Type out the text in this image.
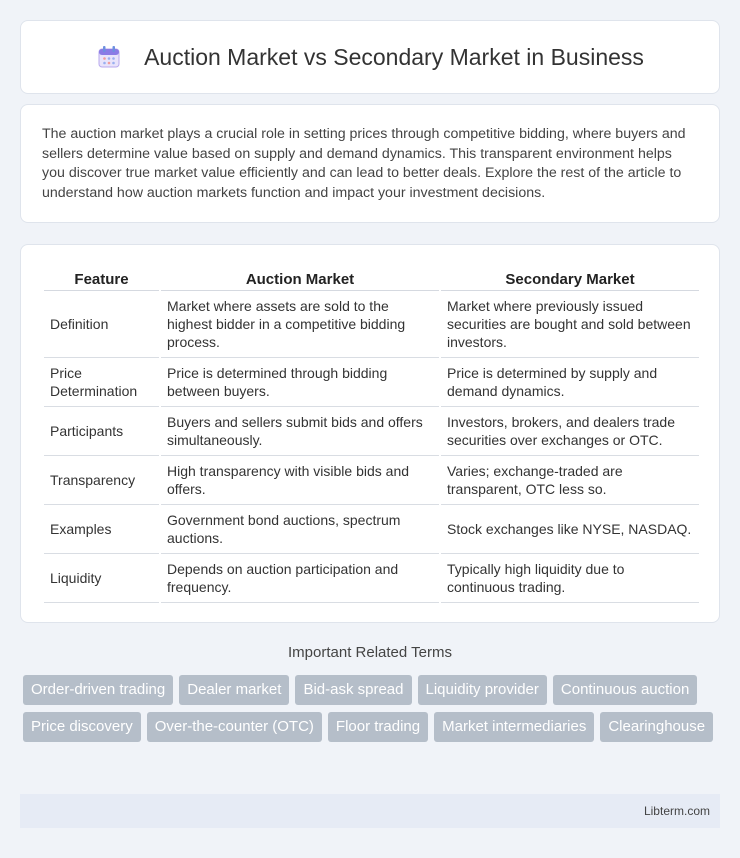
Auction Market vs Secondary Market in Business

The auction market plays a crucial role in setting prices through competitive bidding, where buyers and sellers determine value based on supply and demand dynamics. This transparent environment helps you discover true market value efficiently and can lead to better deals. Explore the rest of the article to understand how auction markets function and impact your investment decisions.

Feature	Auction Market	Secondary Market
Definition	Market where assets are sold to the highest bidder in a competitive bidding process.	Market where previously issued securities are bought and sold between investors.
Price Determination	Price is determined through bidding between buyers.	Price is determined by supply and demand dynamics.
Participants	Buyers and sellers submit bids and offers simultaneously.	Investors, brokers, and dealers trade securities over exchanges or OTC.
Transparency	High transparency with visible bids and offers.	Varies; exchange-traded are transparent, OTC less so.
Examples	Government bond auctions, spectrum auctions.	Stock exchanges like NYSE, NASDAQ.
Liquidity	Depends on auction participation and frequency.	Typically high liquidity due to continuous trading.
Important Related Terms
Order-driven trading	Dealer market	Bid-ask spread	Liquidity provider	Continuous auction
Price discovery	Over-the-counter (OTC)	Floor trading	Market intermediaries	Clearinghouse
Libterm.com
